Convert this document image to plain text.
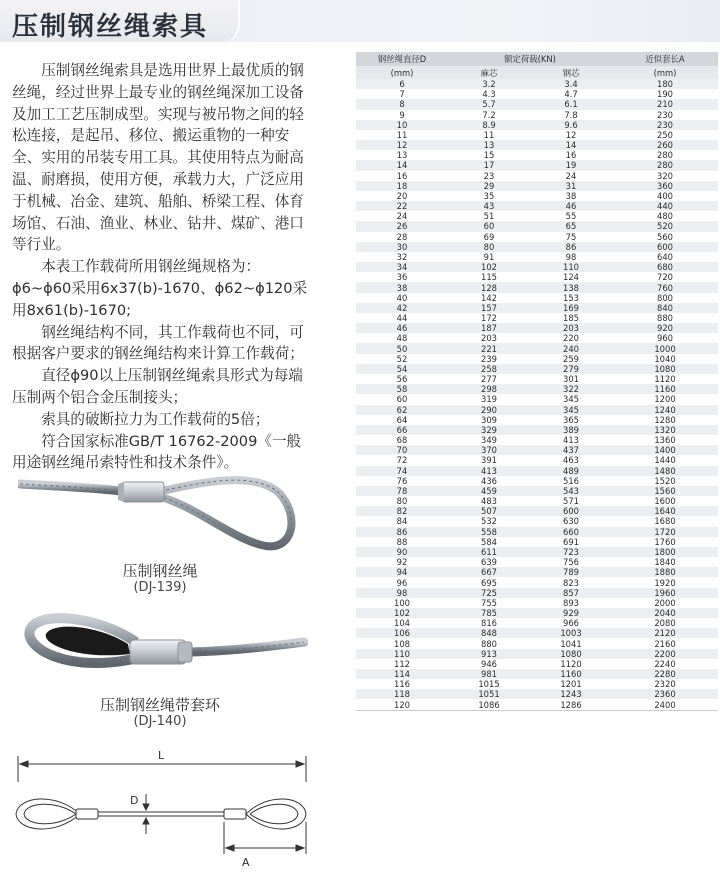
压制钢丝绳索具

压制钢丝绳索具是选用世界上最优质的钢丝绳，经过世界上最专业的钢丝绳深加工设备及加工工艺压制成型。实现与被吊物之间的轻松连接，是起吊、移位、搬运重物的一种安全、实用的吊装专用工具。其使用特点为耐高温、耐磨损，使用方便，承载力大，广泛应用于机械、冶金、建筑、船舶、桥梁工程、体育场馆、石油、渔业、林业、钻井、煤矿、港口等行业。

本表工作载荷所用钢丝绳规格为：ϕ6~ϕ60采用6x37(b)-1670、ϕ62~ϕ120采用8x61(b)-1670;

钢丝绳结构不同，其工作载荷也不同，可根据客户要求的钢丝绳结构来计算工作载荷；

直径ϕ90以上压制钢丝绳索具形式为每端压制两个铝合金压制接头；

索具的破断拉力为工作载荷的5倍；

符合国家标准GB/T 16762-2009《一般用途钢丝绳吊索特性和技术条件》。

压制钢丝绳
(DJ-139)
压制钢丝绳带套环
(DJ-140)
L
D
A
钢丝绳直径D	额定荷载(KN)	近似套长A
(mm)	麻芯	钢芯	(mm)
6	3.2	3.4	180
7	4.3	4.7	190
8	5.7	6.1	210
9	7.2	7.8	230
10	8.9	9.6	230
11	11	12	250
12	13	14	260
13	15	16	280
14	17	19	280
16	23	24	320
18	29	31	360
20	35	38	400
22	43	46	440
24	51	55	480
26	60	65	520
28	69	75	560
30	80	86	600
32	91	98	640
34	102	110	680
36	115	124	720
38	128	138	760
40	142	153	800
42	157	169	840
44	172	185	880
46	187	203	920
48	203	220	960
50	221	240	1000
52	239	259	1040
54	258	279	1080
56	277	301	1120
58	298	322	1160
60	319	345	1200
62	290	345	1240
64	309	365	1280
66	329	389	1320
68	349	413	1360
70	370	437	1400
72	391	463	1440
74	413	489	1480
76	436	516	1520
78	459	543	1560
80	483	571	1600
82	507	600	1640
84	532	630	1680
86	558	660	1720
88	584	691	1760
90	611	723	1800
92	639	756	1840
94	667	789	1880
96	695	823	1920
98	725	857	1960
100	755	893	2000
102	785	929	2040
104	816	966	2080
106	848	1003	2120
108	880	1041	2160
110	913	1080	2200
112	946	1120	2240
114	981	1160	2280
116	1015	1201	2320
118	1051	1243	2360
120	1086	1286	2400
